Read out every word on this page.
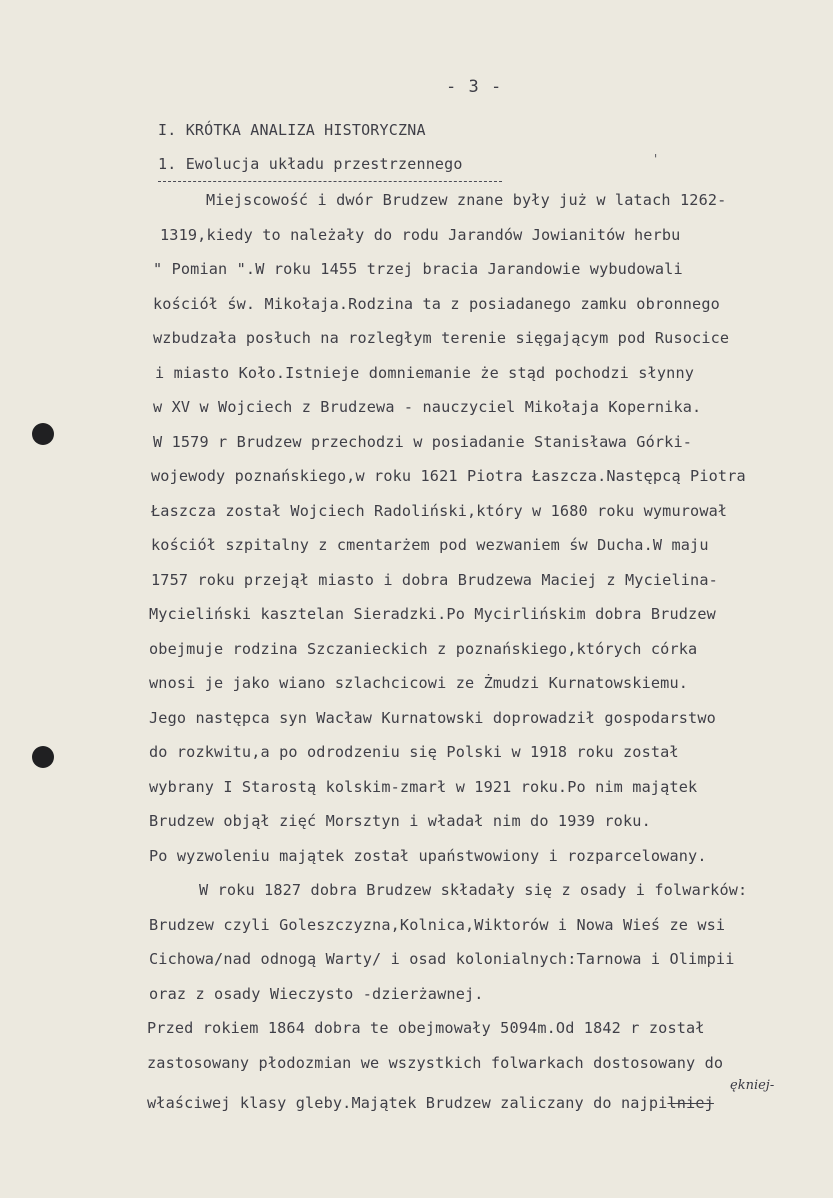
- 3 -
I. KRÓTKA ANALIZA HISTORYCZNA
1. Ewolucja układu przestrzennego	'
Miejscowość i dwór Brudzew znane były już w latach 1262-
1319,kiedy to należały do rodu Jarandów Jowianitów herbu
" Pomian ".W roku 1455 trzej bracia Jarandowie wybudowali
kościół św. Mikołaja.Rodzina ta z posiadanego zamku obronnego
wzbudzała posłuch na rozległym terenie sięgającym pod Rusocice
i miasto Koło.Istnieje domniemanie że stąd pochodzi słynny
w XV w Wojciech z Brudzewa - nauczyciel Mikołaja Kopernika.
W 1579 r Brudzew przechodzi w posiadanie Stanisława Górki-
wojewody poznańskiego,w roku 1621 Piotra Łaszcza.Następcą Piotra
Łaszcza został Wojciech Radoliński,który w 1680 roku wymurował
kościół szpitalny z cmentarżem pod wezwaniem św Ducha.W maju
1757 roku przejął miasto i dobra Brudzewa Maciej z Mycielina-
Mycieliński kasztelan Sieradzki.Po Mycirlińskim dobra Brudzew
obejmuje rodzina Szczanieckich z poznańskiego,których córka
wnosi je jako wiano szlachcicowi ze Żmudzi Kurnatowskiemu.
Jego następca syn Wacław Kurnatowski doprowadził gospodarstwo
do rozkwitu,a po odrodzeniu się Polski w 1918 roku został
wybrany I Starostą kolskim-zmarł w 1921 roku.Po nim majątek
Brudzew objął zięć Morsztyn i władał nim do 1939 roku.
Po wyzwoleniu majątek został upaństwowiony i rozparcelowany.
W roku 1827 dobra Brudzew składały się z osady i folwarków:
Brudzew czyli Goleszczyzna,Kolnica,Wiktorów i Nowa Wieś ze wsi
Cichowa/nad odnogą Warty/ i osad kolonialnych:Tarnowa i Olimpii
oraz z osady Wieczysto -dzierżawnej.
Przed rokiem 1864 dobra te obejmowały 5094m.Od 1842 r został
zastosowany płodozmian we wszystkich folwarkach dostosowany do
właściwej klasy gleby.Majątek Brudzew zaliczany do najpilniej
ękniej-
